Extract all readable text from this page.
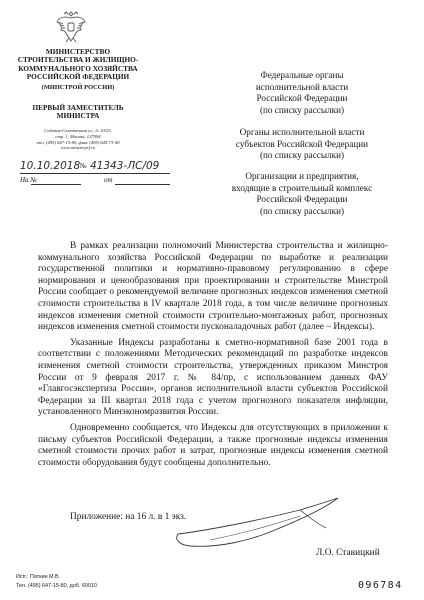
МИНИСТЕРСТВО
СТРОИТЕЛЬСТВА И ЖИЛИЩНО-
КОММУНАЛЬНОГО ХОЗЯЙСТВА
РОССИЙСКОЙ ФЕДЕРАЦИИ
(МИНСТРОЙ РОССИИ)
ПЕРВЫЙ ЗАМЕСТИТЕЛЬ
МИНИСТРА
Садовая-Самотечная ул., д. 10/23,
стр. 1, Москва, 127994
тел. (495) 647-15-80, факс (495) 645-73-40
www.minstroyrf.ru
10.10.2018 № 41343-ЛС/09
На №	от
Федеральные органы
исполнительной власти
Российской Федерации
(по списку рассылки)
Органы исполнительной власти
субъектов Российской Федерации
(по списку рассылки)
Организации и предприятия,
входящие в строительный комплекс
Российской Федерации
(по списку рассылки)

В рамках реализации полномочий Министерства строительства и жилищно-коммунального хозяйства Российской Федерации по выработке и реализации государственной политики и нормативно-правовому регулированию в сфере нормирования и ценообразования при проектировании и строительстве Минстрой России сообщает о рекомендуемой величине прогнозных индексов изменения сметной стоимости строительства в IV квартале 2018 года, в том числе величине прогнозных индексов изменения сметной стоимости строительно-монтажных работ, прогнозных индексов изменения сметной стоимости пусконаладочных работ (далее – Индексы).

Указанные Индексы разработаны к сметно-нормативной базе 2001 года в соответствии с положениями Методических рекомендаций по разработке индексов изменения сметной стоимости строительства, утвержденных приказом Минстроя России от 9 февраля 2017 г. № 84/пр, с использованием данных ФАУ «Главгосэкспертиза России», органов исполнительной власти субъектов Российской Федерации за III квартал 2018 года с учетом прогнозного показателя инфляции, установленного Минэкономразвития России.

Одновременно сообщается, что Индексы для отсутствующих в приложении к письму субъектов Российской Федерации, а также прогнозные индексы изменения сметной стоимости прочих работ и затрат, прогнозные индексы изменения сметной стоимости оборудования будут сообщены дополнительно.

Приложение: на 16 л. в 1 экз.
Л.О. Ставицкий
Исп.: Паткин М.В.
Тел. (495) 647-15-80, доб. 60010	096784
